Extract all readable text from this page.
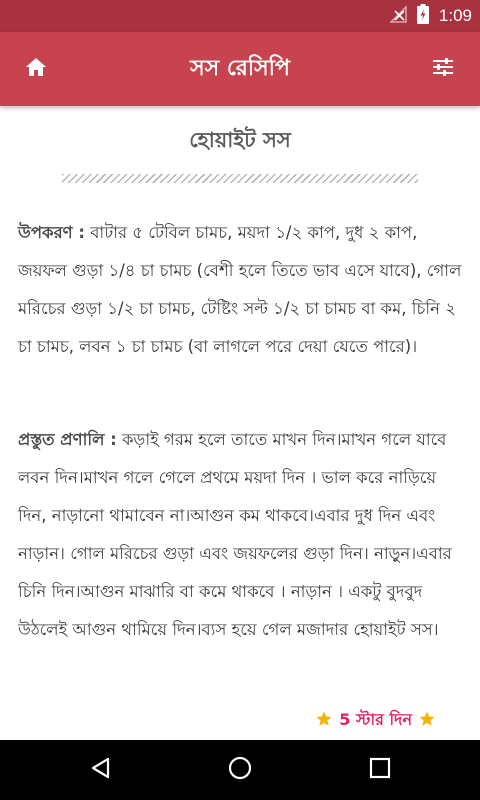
1:09
সস রেসিপি
হোয়াইট সস
উপকরণ : বাটার ৫ টেবিল চামচ, ময়দা ১/২ কাপ, দুধ ২ কাপ, জয়ফল গুড়া ১/৪ চা চামচ (বেশী হলে তিতে ভাব এসে যাবে), গোল মরিচের গুড়া ১/২ চা চামচ, টেষ্টিং সল্ট ১/২ চা চামচ বা কম, চিনি ২ চা চামচ, লবন ১ চা চামচ (বা লাগলে পরে দেয়া যেতে পারে)।
প্রস্তুত প্রণালি : কড়াই গরম হলে তাতে মাখন দিন।মাখন গলে যাবে লবন দিন।মাখন গলে গেলে প্রথমে ময়দা দিন । ভাল করে নাড়িয়ে দিন, নাড়ানো থামাবেন না।আগুন কম থাকবে।এবার দুধ দিন এবং নাড়ান। গোল মরিচের গুড়া এবং জয়ফলের গুড়া দিন। নাড়ুন।এবার চিনি দিন।আগুন মাঝারি বা কমে থাকবে । নাড়ান । একটু বুদবুদ উঠলেই আগুন থামিয়ে দিন।ব্যস হয়ে গেল মজাদার হোয়াইট সস।
5 স্টার দিন
